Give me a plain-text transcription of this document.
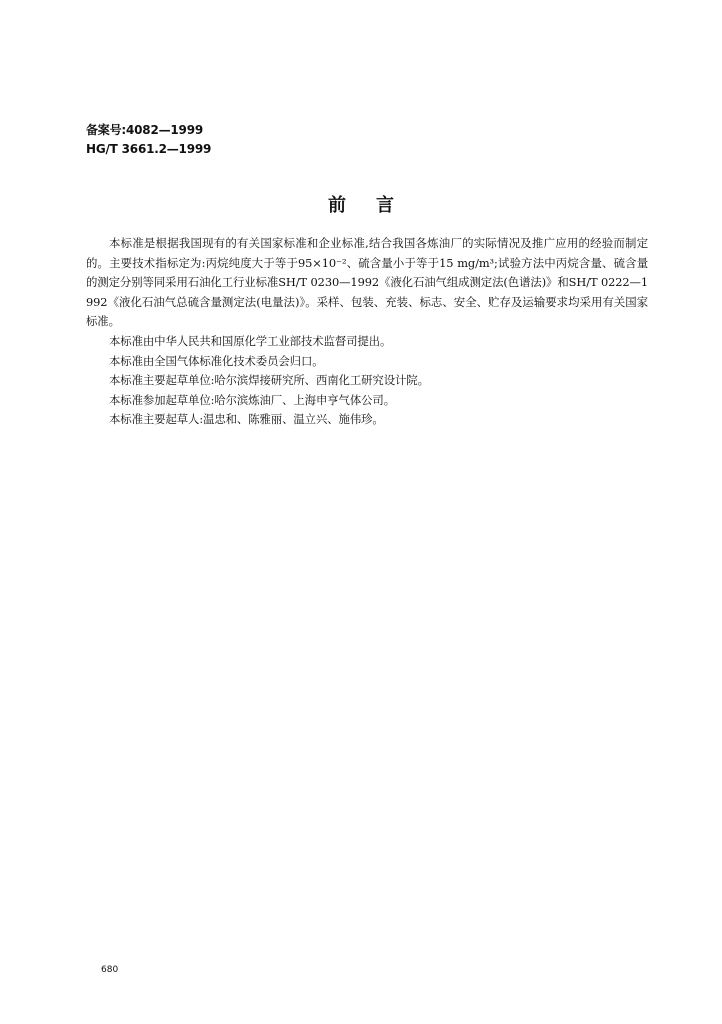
备案号:4082—1999
HG/T 3661.2—1999
前言

本标准是根据我国现有的有关国家标准和企业标准,结合我国各炼油厂的实际情况及推广应用的经验而制定的。主要技术指标定为:丙烷纯度大于等于95×10⁻²、硫含量小于等于15 mg/m³;试验方法中丙烷含量、硫含量的测定分别等同采用石油化工行业标准SH/T 0230—1992《液化石油气组成测定法(色谱法)》和SH/T 0222—1992《液化石油气总硫含量测定法(电量法)》。采样、包装、充装、标志、安全、贮存及运输要求均采用有关国家标准。

本标准由中华人民共和国原化学工业部技术监督司提出。

本标准由全国气体标准化技术委员会归口。

本标准主要起草单位:哈尔滨焊接研究所、西南化工研究设计院。

本标准参加起草单位:哈尔滨炼油厂、上海申亨气体公司。

本标准主要起草人:温忠和、陈雅丽、温立兴、施伟珍。

680
